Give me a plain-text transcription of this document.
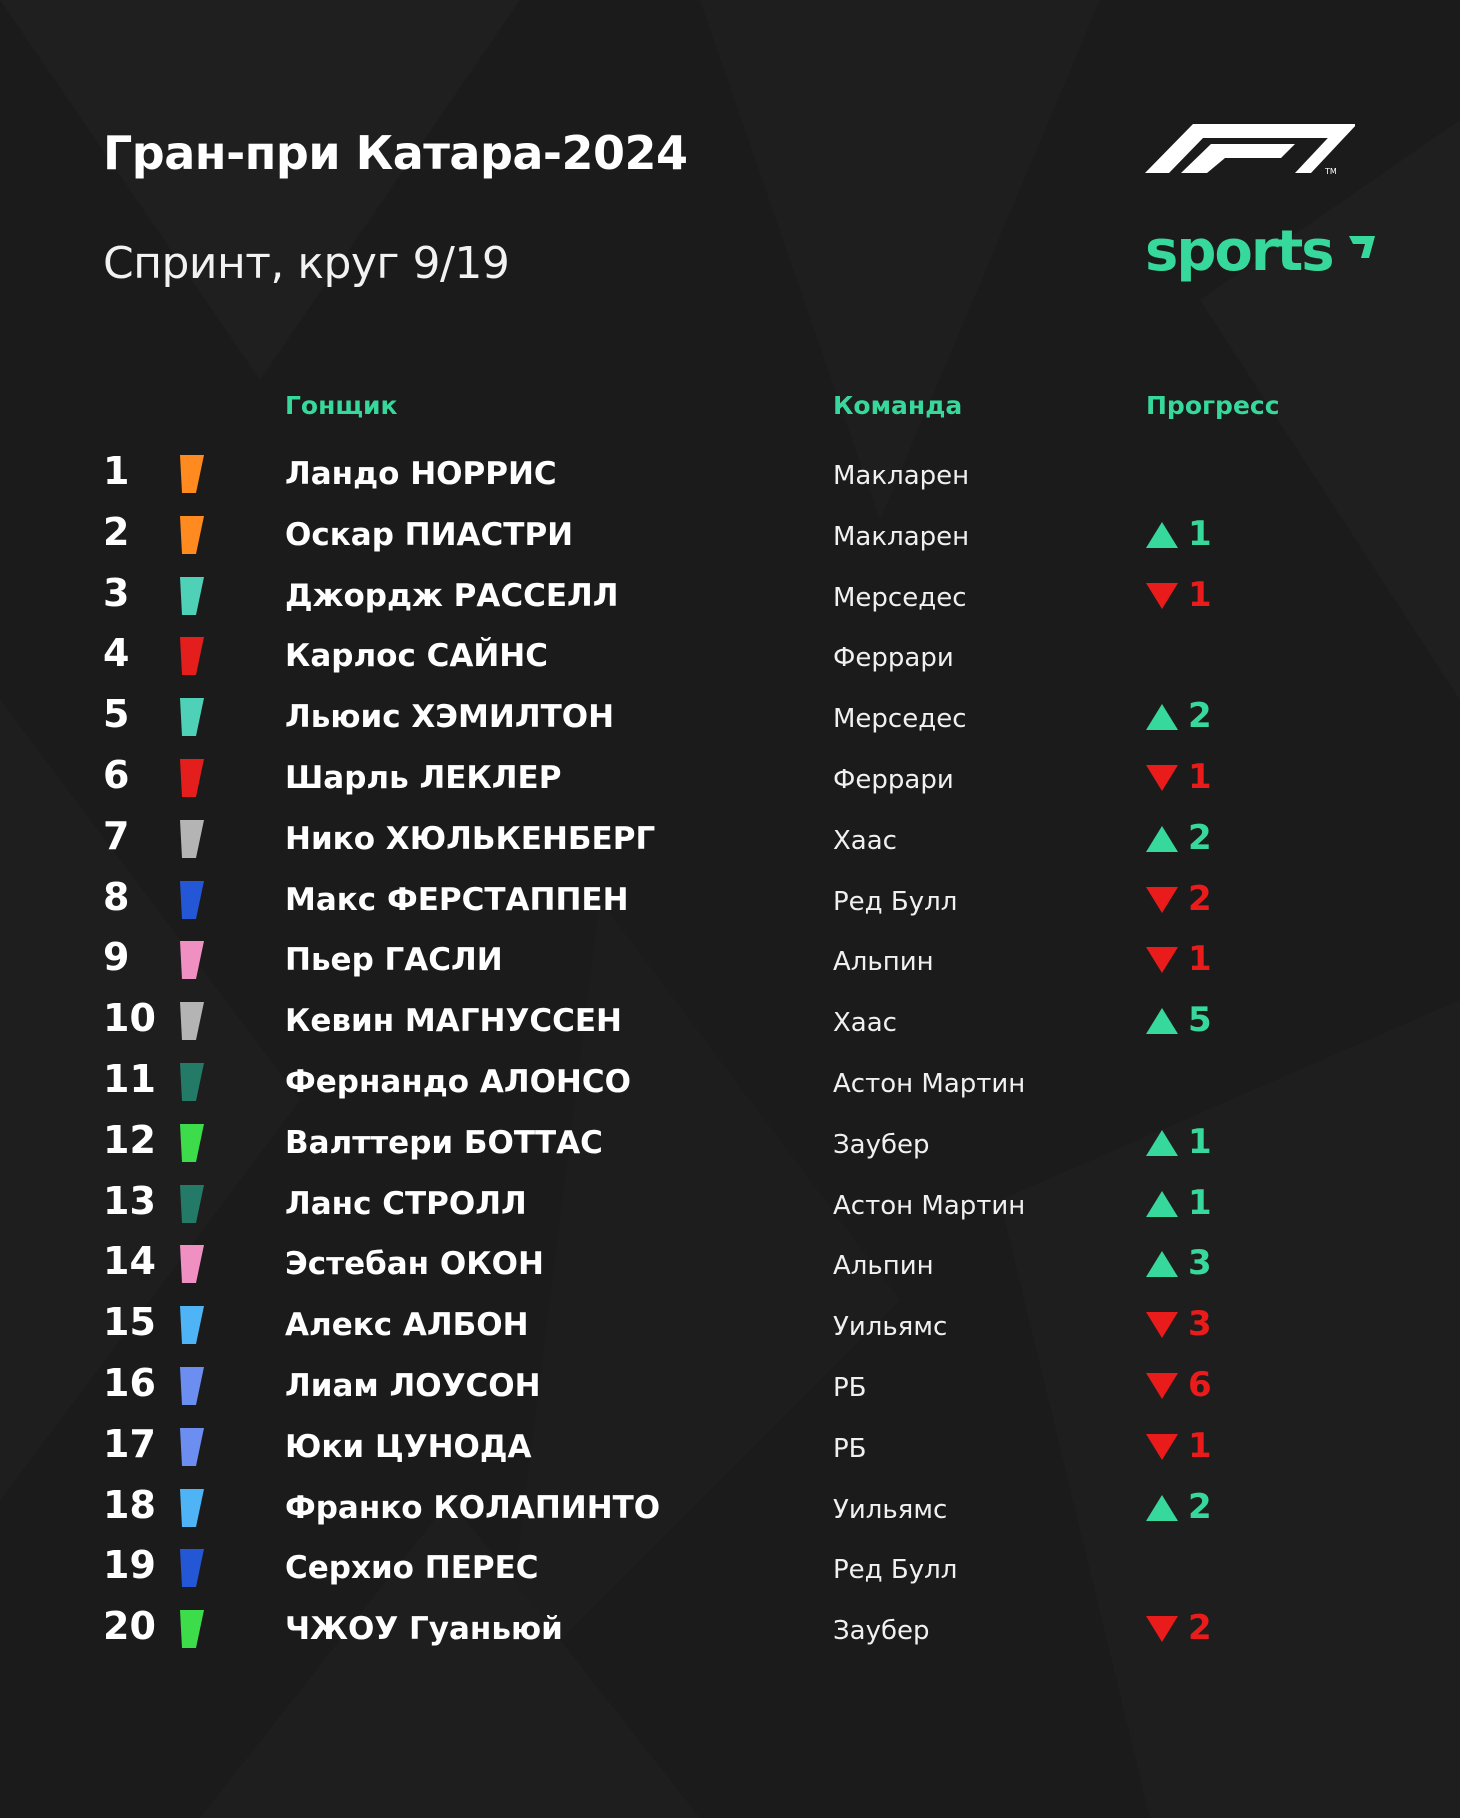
Гран-при Катара-2024
Спринт, круг 9/19
TM
sports
Гонщик	Команда	Прогресс
1	Ландо НОРРИС	Макларен
2	Оскар ПИАСТРИ	Макларен	1
3	Джордж РАССЕЛЛ	Мерседес	1
4	Карлос САЙНС	Феррари
5	Льюис ХЭМИЛТОН	Мерседес	2
6	Шарль ЛЕКЛЕР	Феррари	1
7	Нико ХЮЛЬКЕНБЕРГ	Хаас	2
8	Макс ФЕРСТАППЕН	Ред Булл	2
9	Пьер ГАСЛИ	Альпин	1
10	Кевин МАГНУССЕН	Хаас	5
11	Фернандо АЛОНСО	Астон Мартин
12	Валттери БОТТАС	Заубер	1
13	Ланс СТРОЛЛ	Астон Мартин	1
14	Эстебан ОКОН	Альпин	3
15	Алекс АЛБОН	Уильямс	3
16	Лиам ЛОУСОН	РБ	6
17	Юки ЦУНОДА	РБ	1
18	Франко КОЛАПИНТО	Уильямс	2
19	Серхио ПЕРЕС	Ред Булл
20	ЧЖОУ Гуаньюй	Заубер	2
